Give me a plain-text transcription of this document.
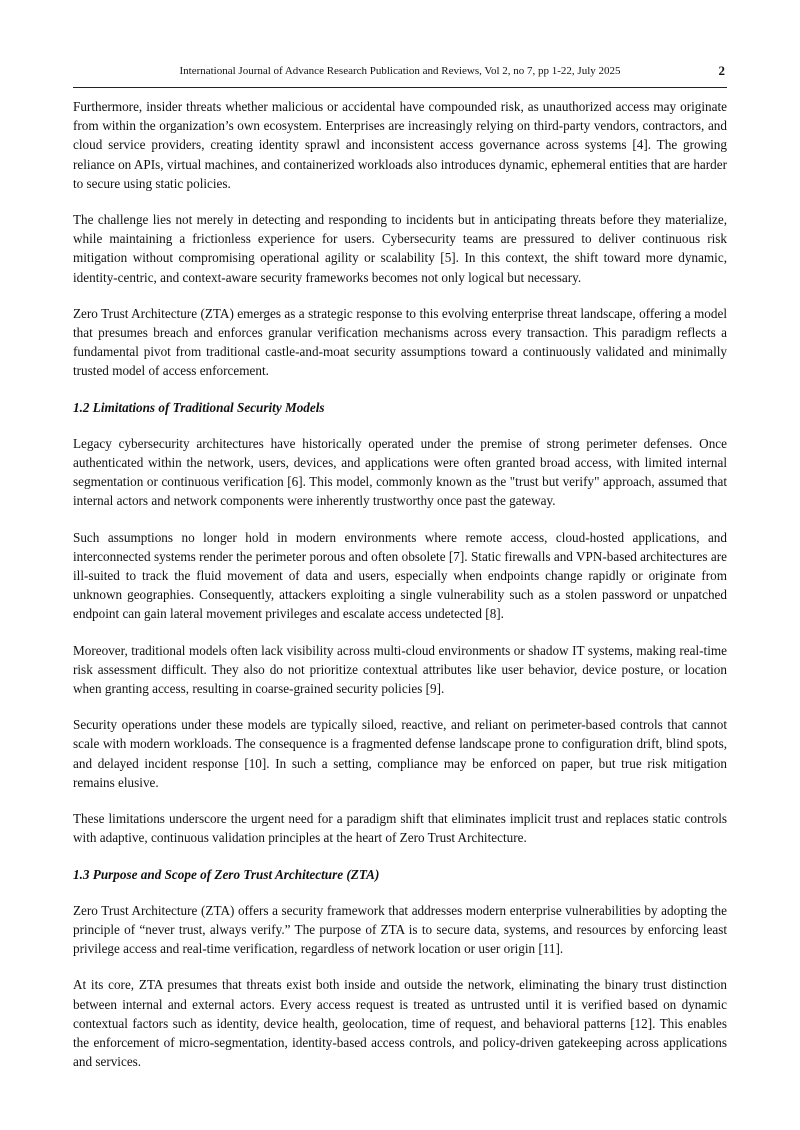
International Journal of Advance Research Publication and Reviews, Vol 2, no 7, pp 1-22, July 2025	2

Furthermore, insider threats whether malicious or accidental have compounded risk, as unauthorized access may originate from within the organization’s own ecosystem. Enterprises are increasingly relying on third-party vendors, contractors, and cloud service providers, creating identity sprawl and inconsistent access governance across systems [4]. The growing reliance on APIs, virtual machines, and containerized workloads also introduces dynamic, ephemeral entities that are harder to secure using static policies.

The challenge lies not merely in detecting and responding to incidents but in anticipating threats before they materialize, while maintaining a frictionless experience for users. Cybersecurity teams are pressured to deliver continuous risk mitigation without compromising operational agility or scalability [5]. In this context, the shift toward more dynamic, identity-centric, and context-aware security frameworks becomes not only logical but necessary.

Zero Trust Architecture (ZTA) emerges as a strategic response to this evolving enterprise threat landscape, offering a model that presumes breach and enforces granular verification mechanisms across every transaction. This paradigm reflects a fundamental pivot from traditional castle-and-moat security assumptions toward a continuously validated and minimally trusted model of access enforcement.

1.2 Limitations of Traditional Security Models

Legacy cybersecurity architectures have historically operated under the premise of strong perimeter defenses. Once authenticated within the network, users, devices, and applications were often granted broad access, with limited internal segmentation or continuous verification [6]. This model, commonly known as the "trust but verify" approach, assumed that internal actors and network components were inherently trustworthy once past the gateway.

Such assumptions no longer hold in modern environments where remote access, cloud-hosted applications, and interconnected systems render the perimeter porous and often obsolete [7]. Static firewalls and VPN-based architectures are ill-suited to track the fluid movement of data and users, especially when endpoints change rapidly or originate from unknown geographies. Consequently, attackers exploiting a single vulnerability such as a stolen password or unpatched endpoint can gain lateral movement privileges and escalate access undetected [8].

Moreover, traditional models often lack visibility across multi-cloud environments or shadow IT systems, making real-time risk assessment difficult. They also do not prioritize contextual attributes like user behavior, device posture, or location when granting access, resulting in coarse-grained security policies [9].

Security operations under these models are typically siloed, reactive, and reliant on perimeter-based controls that cannot scale with modern workloads. The consequence is a fragmented defense landscape prone to configuration drift, blind spots, and delayed incident response [10]. In such a setting, compliance may be enforced on paper, but true risk mitigation remains elusive.

These limitations underscore the urgent need for a paradigm shift that eliminates implicit trust and replaces static controls with adaptive, continuous validation principles at the heart of Zero Trust Architecture.

1.3 Purpose and Scope of Zero Trust Architecture (ZTA)

Zero Trust Architecture (ZTA) offers a security framework that addresses modern enterprise vulnerabilities by adopting the principle of “never trust, always verify.” The purpose of ZTA is to secure data, systems, and resources by enforcing least privilege access and real-time verification, regardless of network location or user origin [11].

At its core, ZTA presumes that threats exist both inside and outside the network, eliminating the binary trust distinction between internal and external actors. Every access request is treated as untrusted until it is verified based on dynamic contextual factors such as identity, device health, geolocation, time of request, and behavioral patterns [12]. This enables the enforcement of micro-segmentation, identity-based access controls, and policy-driven gatekeeping across applications and services.
